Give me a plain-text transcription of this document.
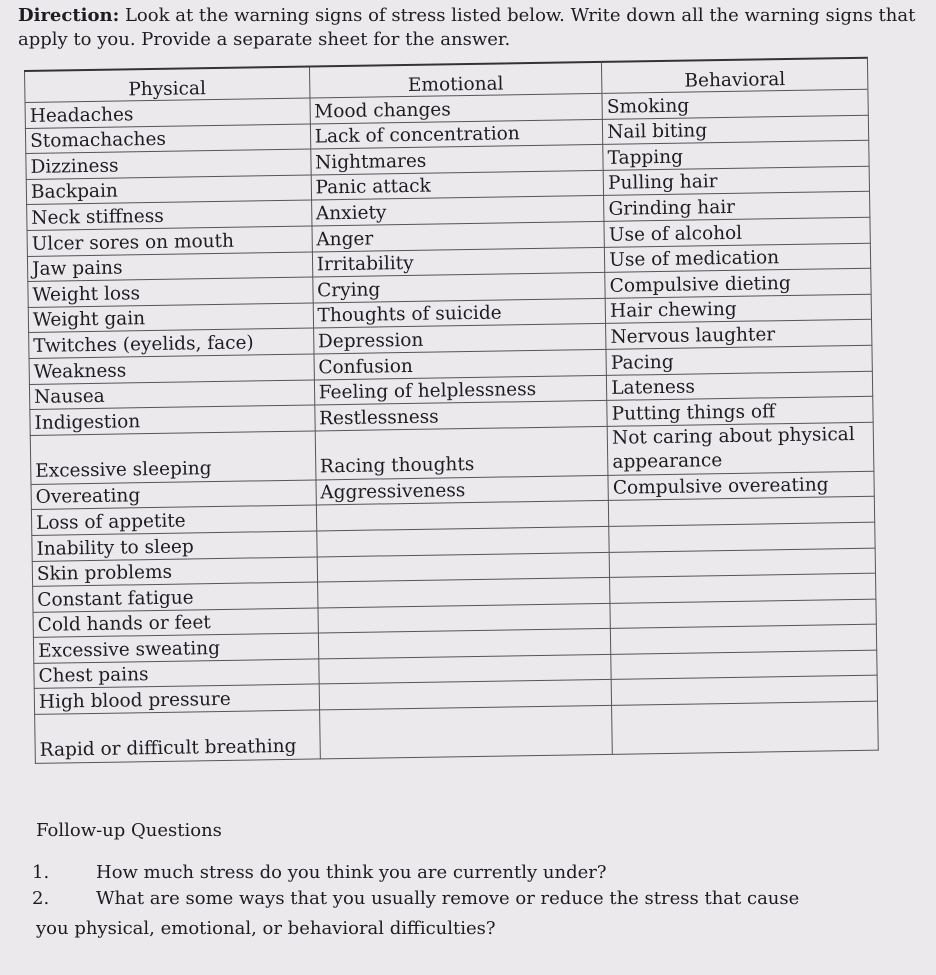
Direction: Look at the warning signs of stress listed below. Write down all the warning signs that apply to you. Provide a separate sheet for the answer.

Physical	Emotional	Behavioral
Headaches	Mood changes	Smoking
Stomachaches	Lack of concentration	Nail biting
Dizziness	Nightmares	Tapping
Backpain	Panic attack	Pulling hair
Neck stiffness	Anxiety	Grinding hair
Ulcer sores on mouth	Anger	Use of alcohol
Jaw pains	Irritability	Use of medication
Weight loss	Crying	Compulsive dieting
Weight gain	Thoughts of suicide	Hair chewing
Twitches (eyelids, face)	Depression	Nervous laughter
Weakness	Confusion	Pacing
Nausea	Feeling of helplessness	Lateness
Indigestion	Restlessness	Putting things off
Excessive sleeping	Racing thoughts	Not caring about physical appearance
Overeating	Aggressiveness	Compulsive overeating
Loss of appetite		
Inability to sleep		
Skin problems		
Constant fatigue		
Cold hands or feet		
Excessive sweating		
Chest pains		
High blood pressure		
Rapid or difficult breathing		
Follow-up Questions

1.	How much stress do you think you are currently under?

2.	What are some ways that you usually remove or reduce the stress that cause

you physical, emotional, or behavioral difficulties?
